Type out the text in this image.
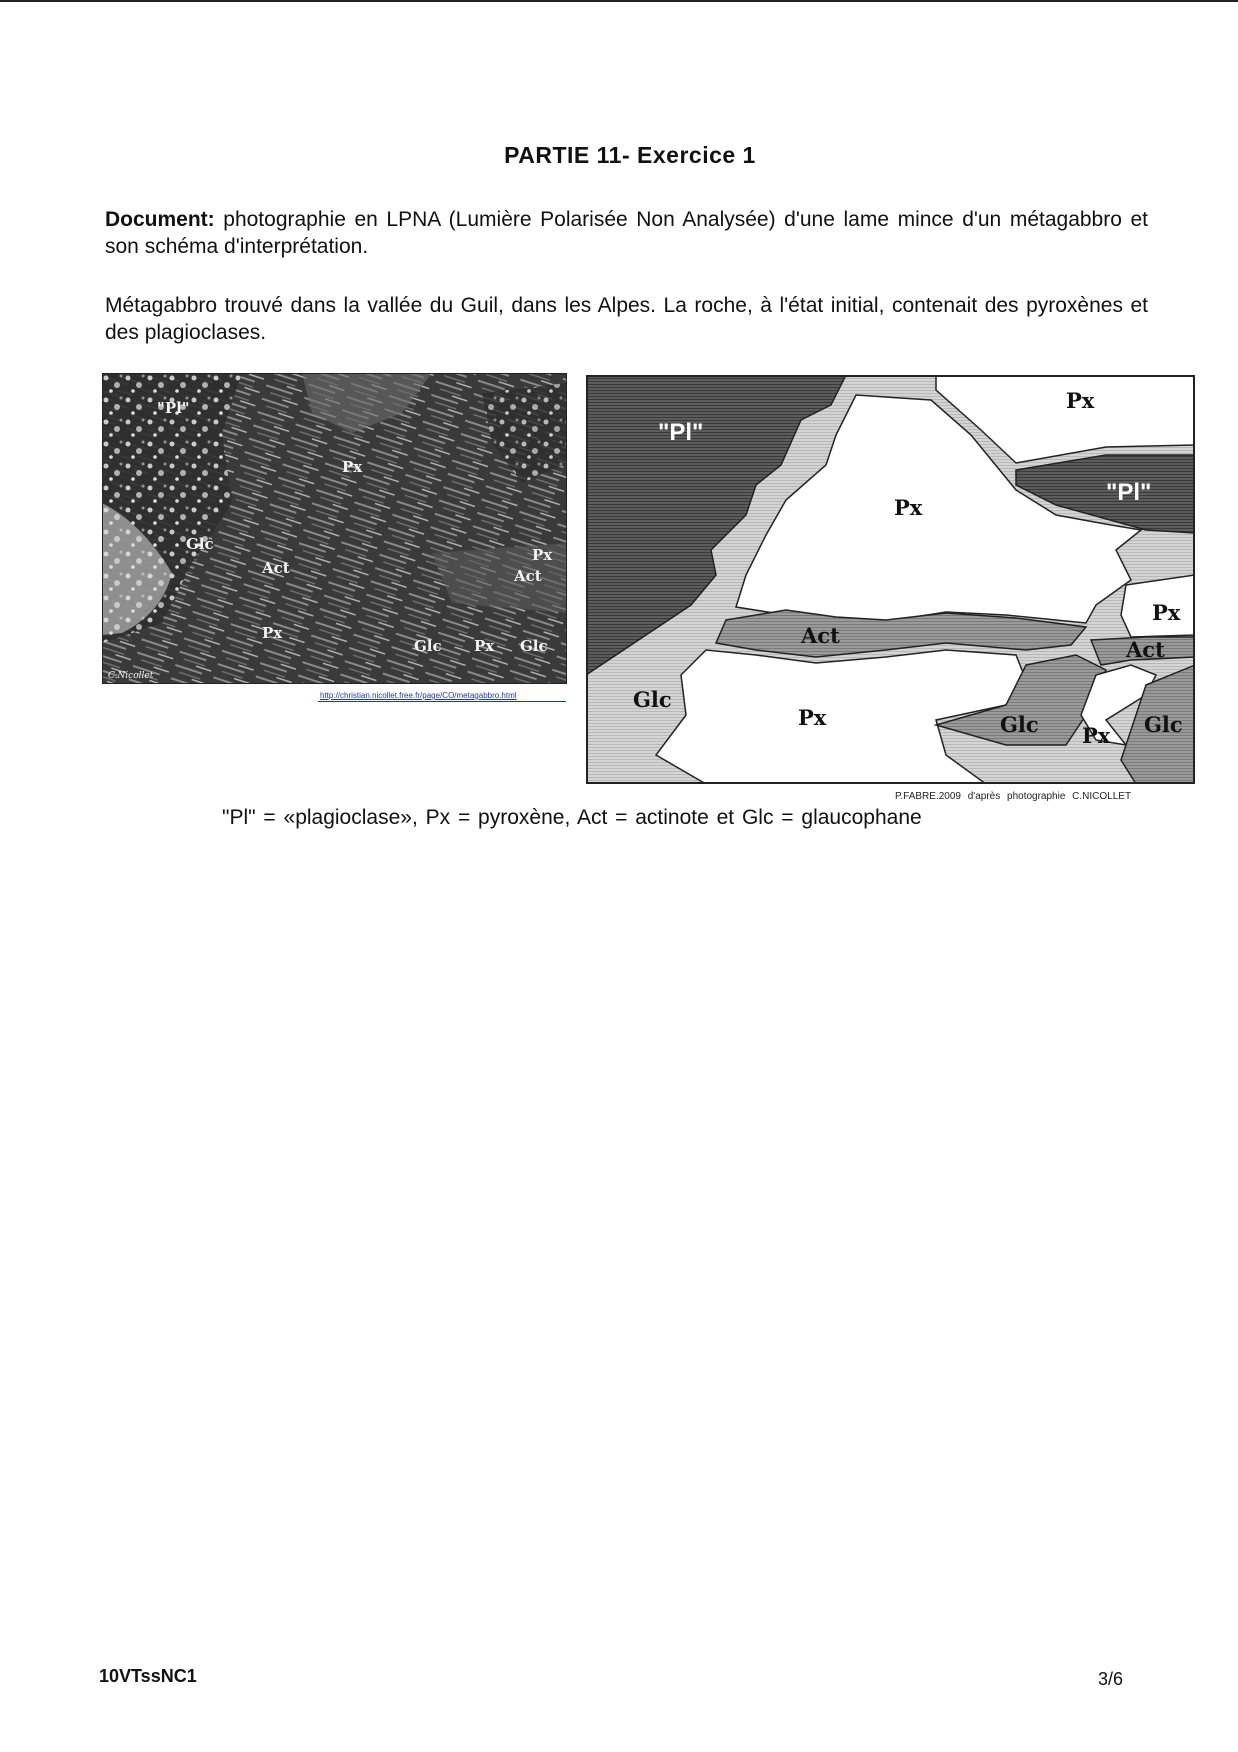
PARTIE 11- Exercice 1
Document: photographie en LPNA (Lumière Polarisée Non Analysée) d'une lame mince d'un métagabbro et son schéma d'interprétation.
Métagabbro trouvé dans la vallée du Guil, dans les Alpes. La roche, à l'état initial, contenait des pyroxènes et des plagioclases.
"Pl"
Px
Glc
Act
Px
Act
Px
Glc Px Glc
C.Nicollet
http://christian.nicollet.free.fr/page/CO/metagabbro.html
"Pl"
Px
"Pl"
Px
Px
Act
Act
Glc
Px	Glc Px Glc
P.FABRE.2009 d'après photographie C.NICOLLET
"Pl" = «plagioclase», Px = pyroxène, Act = actinote et Glc = glaucophane
10VTssNC1	3/6
